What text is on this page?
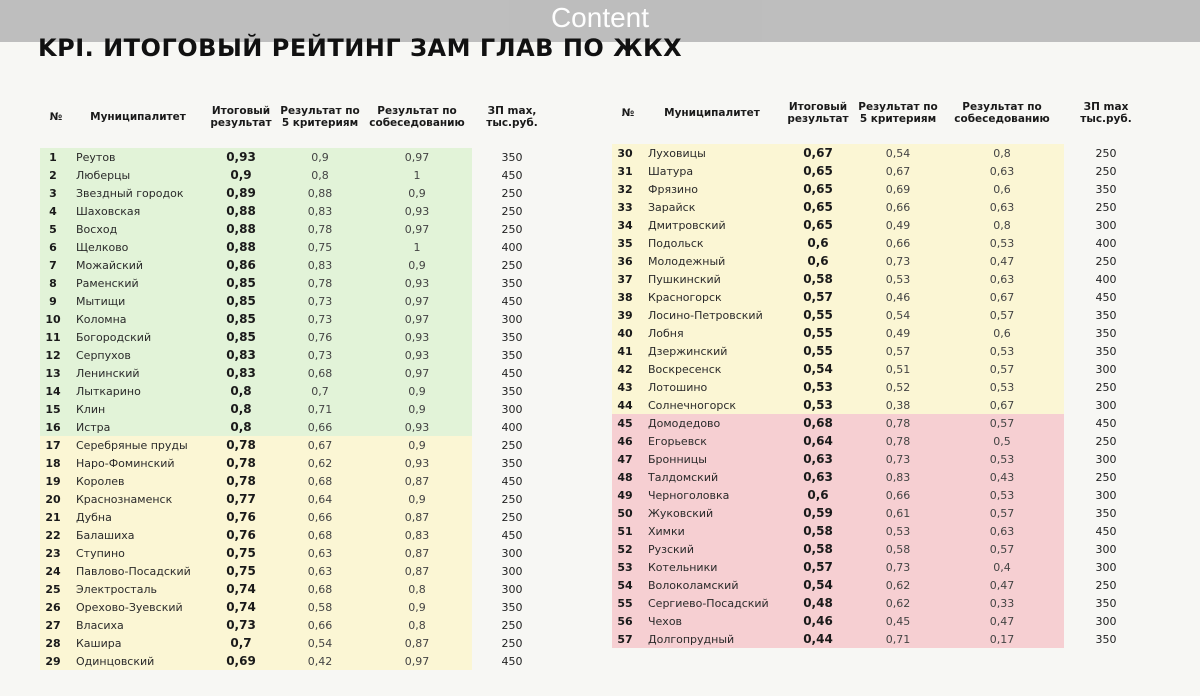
Content
KPI. ИТОГОВЫЙ РЕЙТИНГ ЗАМ ГЛАВ ПО ЖКХ
№	Муниципалитет	Итоговый результат	Результат по 5 критериям	Результат по собеседованию	ЗП max, тыс.руб.
1	Реутов	0,93	0,9	0,97	350
2	Люберцы	0,9	0,8	1	450
3	Звездный городок	0,89	0,88	0,9	250
4	Шаховская	0,88	0,83	0,93	250
5	Восход	0,88	0,78	0,97	250
6	Щелково	0,88	0,75	1	400
7	Можайский	0,86	0,83	0,9	250
8	Раменский	0,85	0,78	0,93	350
9	Мытищи	0,85	0,73	0,97	450
10	Коломна	0,85	0,73	0,97	300
11	Богородский	0,85	0,76	0,93	350
12	Серпухов	0,83	0,73	0,93	350
13	Ленинский	0,83	0,68	0,97	450
14	Лыткарино	0,8	0,7	0,9	350
15	Клин	0,8	0,71	0,9	300
16	Истра	0,8	0,66	0,93	400
17	Серебряные пруды	0,78	0,67	0,9	250
18	Наро-Фоминский	0,78	0,62	0,93	350
19	Королев	0,78	0,68	0,87	450
20	Краснознаменск	0,77	0,64	0,9	250
21	Дубна	0,76	0,66	0,87	250
22	Балашиха	0,76	0,68	0,83	450
23	Ступино	0,75	0,63	0,87	300
24	Павлово-Посадский	0,75	0,63	0,87	300
25	Электросталь	0,74	0,68	0,8	300
26	Орехово-Зуевский	0,74	0,58	0,9	350
27	Власиха	0,73	0,66	0,8	250
28	Кашира	0,7	0,54	0,87	250
29	Одинцовский	0,69	0,42	0,97	450
№	Муниципалитет	Итоговый результат	Результат по 5 критериям	Результат по собеседованию	ЗП max тыс.руб.
30	Луховицы	0,67	0,54	0,8	250
31	Шатура	0,65	0,67	0,63	250
32	Фрязино	0,65	0,69	0,6	350
33	Зарайск	0,65	0,66	0,63	250
34	Дмитровский	0,65	0,49	0,8	300
35	Подольск	0,6	0,66	0,53	400
36	Молодежный	0,6	0,73	0,47	250
37	Пушкинский	0,58	0,53	0,63	400
38	Красногорск	0,57	0,46	0,67	450
39	Лосино-Петровский	0,55	0,54	0,57	350
40	Лобня	0,55	0,49	0,6	350
41	Дзержинский	0,55	0,57	0,53	350
42	Воскресенск	0,54	0,51	0,57	300
43	Лотошино	0,53	0,52	0,53	250
44	Солнечногорск	0,53	0,38	0,67	300
45	Домодедово	0,68	0,78	0,57	450
46	Егорьевск	0,64	0,78	0,5	250
47	Бронницы	0,63	0,73	0,53	300
48	Талдомский	0,63	0,83	0,43	250
49	Черноголовка	0,6	0,66	0,53	300
50	Жуковский	0,59	0,61	0,57	350
51	Химки	0,58	0,53	0,63	450
52	Рузский	0,58	0,58	0,57	300
53	Котельники	0,57	0,73	0,4	300
54	Волоколамский	0,54	0,62	0,47	250
55	Сергиево-Посадский	0,48	0,62	0,33	350
56	Чехов	0,46	0,45	0,47	300
57	Долгопрудный	0,44	0,71	0,17	350
